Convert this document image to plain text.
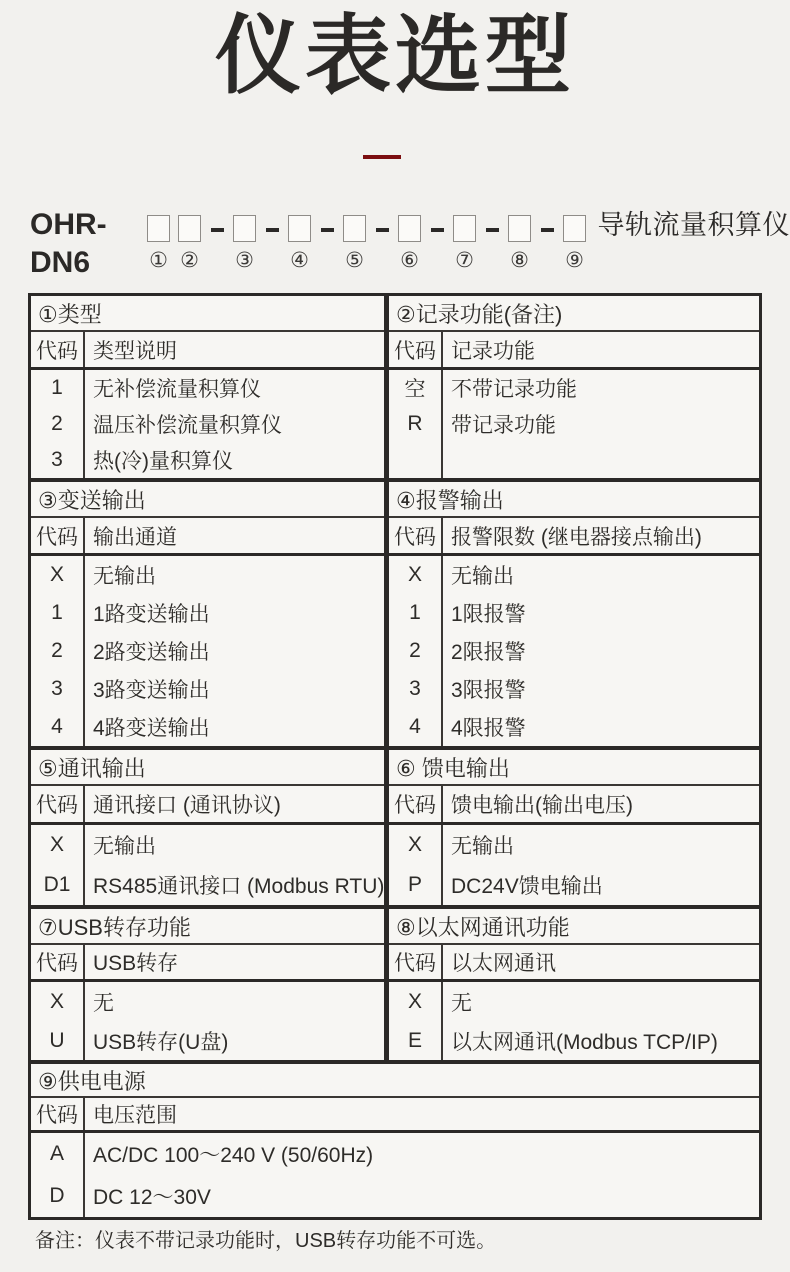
仪表选型
OHR-DN6	① ② ③ ④ ⑤ ⑥ ⑦ ⑧ ⑨
导轨流量积算仪
①类型
代码 类型说明
1
2
3
无补偿流量积算仪
温压补偿流量积算仪
热(冷)量积算仪
②记录功能(备注)
代码 记录功能
空
R
不带记录功能
带记录功能
③变送输出
代码 输出通道
X
1
2
3
4
无输出
1路变送输出
2路变送输出
3路变送输出
4路变送输出
④报警输出
代码 报警限数 (继电器接点输出)
X
1
2
3
4
无输出
1限报警
2限报警
3限报警
4限报警
⑤通讯输出
代码 通讯接口 (通讯协议)
X
D1
无输出
RS485通讯接口 (Modbus RTU)
⑥ 馈电输出
代码 馈电输出(输出电压)
X
P
无输出
DC24V馈电输出
⑦USB转存功能
代码 USB转存
X
U
无
USB转存(U盘)
⑧以太网通讯功能
代码 以太网通讯
X
E
无
以太网通讯(Modbus TCP/IP)
⑨供电电源
代码 电压范围
A
D
AC/DC 100～240 V (50/60Hz)
DC 12～30V

备注：仪表不带记录功能时，USB转存功能不可选。
